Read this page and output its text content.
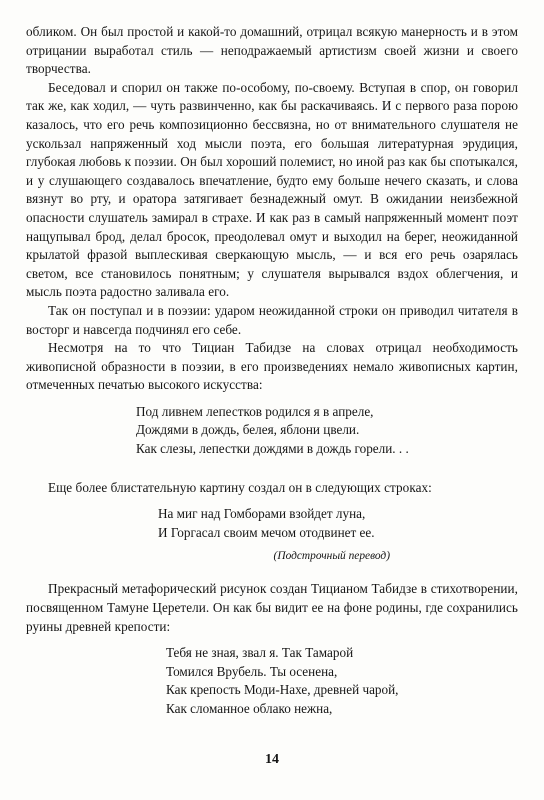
обликом. Он был простой и какой-то домашний, отрицал всякую манерность и в этом отрицании выработал стиль — неподражаемый артистизм своей жизни и своего творчества.

Беседовал и спорил он также по-особому, по-своему. Вступая в спор, он говорил так же, как ходил, — чуть развинченно, как бы раскачиваясь. И с первого раза порою казалось, что его речь композиционно бессвязна, но от внимательного слушателя не ускользал напряженный ход мысли поэта, его большая литературная эрудиция, глубокая любовь к поэзии. Он был хороший полемист, но иной раз как бы спотыкался, и у слушающего создавалось впечатление, будто ему больше нечего сказать, и слова вязнут во рту, и оратора затягивает безнадежный омут. В ожидании неизбежной опасности слушатель замирал в страхе. И как раз в самый напряженный момент поэт нащупывал брод, делал бросок, преодолевал омут и выходил на берег, неожиданной крылатой фразой выплескивая сверкающую мысль, — и вся его речь озарялась светом, все становилось понятным; у слушателя вырывался вздох облегчения, и мысль поэта радостно заливала его.

Так он поступал и в поэзии: ударом неожиданной строки он приводил читателя в восторг и навсегда подчинял его себе.

Несмотря на то что Тициан Табидзе на словах отрицал необходимость живописной образности в поэзии, в его произведениях немало живописных картин, отмеченных печатью высокого искусства:

Под ливнем лепестков родился я в апреле,
Дождями в дождь, белея, яблони цвели.
Как слезы, лепестки дождями в дождь горели. . .

Еще более блистательную картину создал он в следующих строках:

На миг над Гомборами взойдет луна,
И Горгасал своим мечом отодвинет ее.
(Подстрочный перевод)

Прекрасный метафорический рисунок создан Тицианом Табидзе в стихотворении, посвященном Тамуне Церетели. Он как бы видит ее на фоне родины, где сохранились руины древней крепости:

Тебя не зная, звал я. Так Тамарой
Томился Врубель. Ты осенена,
Как крепость Моди-Нахе, древней чарой,
Как сломанное облако нежна,
14
